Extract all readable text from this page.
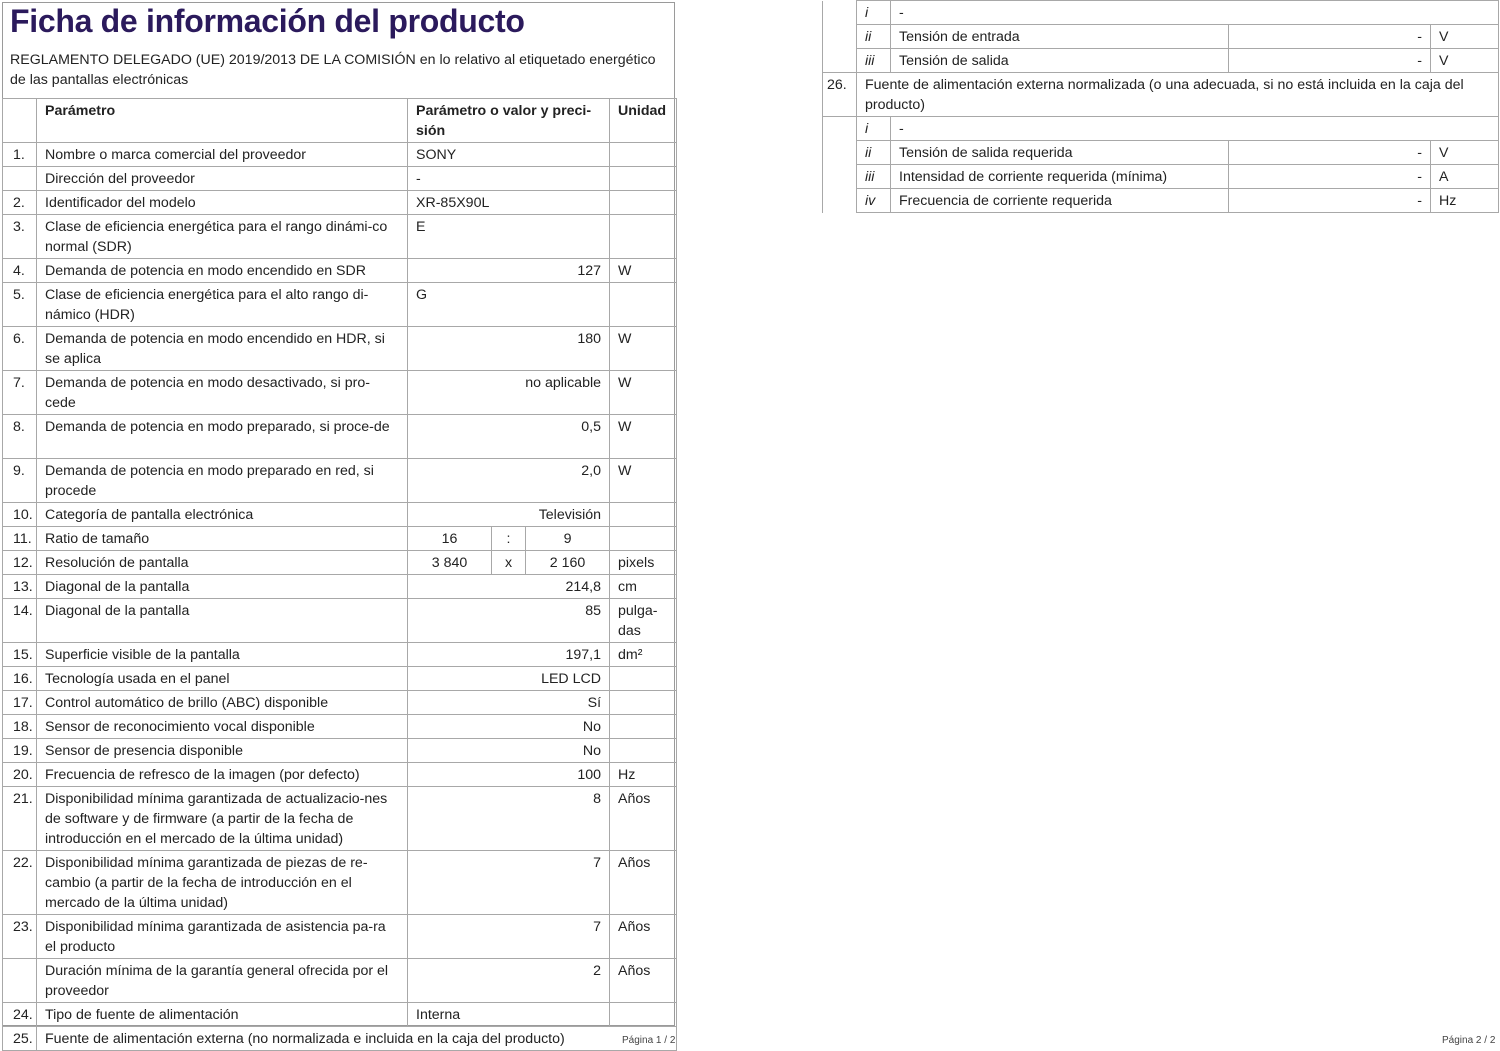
Ficha de información del producto
REGLAMENTO DELEGADO (UE) 2019/2013 DE LA COMISIÓN en lo relativo al etiquetado energético de las pantallas electrónicas
	Parámetro	Parámetro o valor y preci-sión			Unidad
1.	Nombre o marca comercial del proveedor	SONY			
	Dirección del proveedor	-			
2.	Identificador del modelo	XR-85X90L			
3.	Clase de eficiencia energética para el rango dinámi-co normal (SDR)	E			
4.	Demanda de potencia en modo encendido en SDR	127			W
5.	Clase de eficiencia energética para el alto rango di-námico (HDR)	G			
6.	Demanda de potencia en modo encendido en HDR, si se aplica	180			W
7.	Demanda de potencia en modo desactivado, si pro-cede	no aplicable			W
8.	Demanda de potencia en modo preparado, si proce-de	0,5			W
9.	Demanda de potencia en modo preparado en red, si procede	2,0			W
10.	Categoría de pantalla electrónica	Televisión			
11.	Ratio de tamaño	16	:	9	
12.	Resolución de pantalla	3 840	x	2 160	pixels
13.	Diagonal de la pantalla	214,8			cm
14.	Diagonal de la pantalla	85			pulga-das
15.	Superficie visible de la pantalla	197,1			dm²
16.	Tecnología usada en el panel	LED LCD			
17.	Control automático de brillo (ABC) disponible	Sí			
18.	Sensor de reconocimiento vocal disponible	No			
19.	Sensor de presencia disponible	No			
20.	Frecuencia de refresco de la imagen (por defecto)	100			Hz
21.	Disponibilidad mínima garantizada de actualizacio-nes de software y de firmware (a partir de la fecha de introducción en el mercado de la última unidad)	8			Años
22.	Disponibilidad mínima garantizada de piezas de re-cambio (a partir de la fecha de introducción en el mercado de la última unidad)	7			Años
23.	Disponibilidad mínima garantizada de asistencia pa-ra el producto	7			Años
	Duración mínima de la garantía general ofrecida por el proveedor	2			Años
24.	Tipo de fuente de alimentación	Interna			
25.	Fuente de alimentación externa (no normalizada e incluida en la caja del producto)					Página 1 / 2
	i	-		
	ii	Tensión de entrada	-	V
	iii	Tensión de salida	-	V
26.	Fuente de alimentación externa normalizada (o una adecuada, si no está incluida en la caja del producto)			
	i	-		
	ii	Tensión de salida requerida	-	V
	iii	Intensidad de corriente requerida (mínima)	-	A
	iv	Frecuencia de corriente requerida	-	Hz
Página 2 / 2
